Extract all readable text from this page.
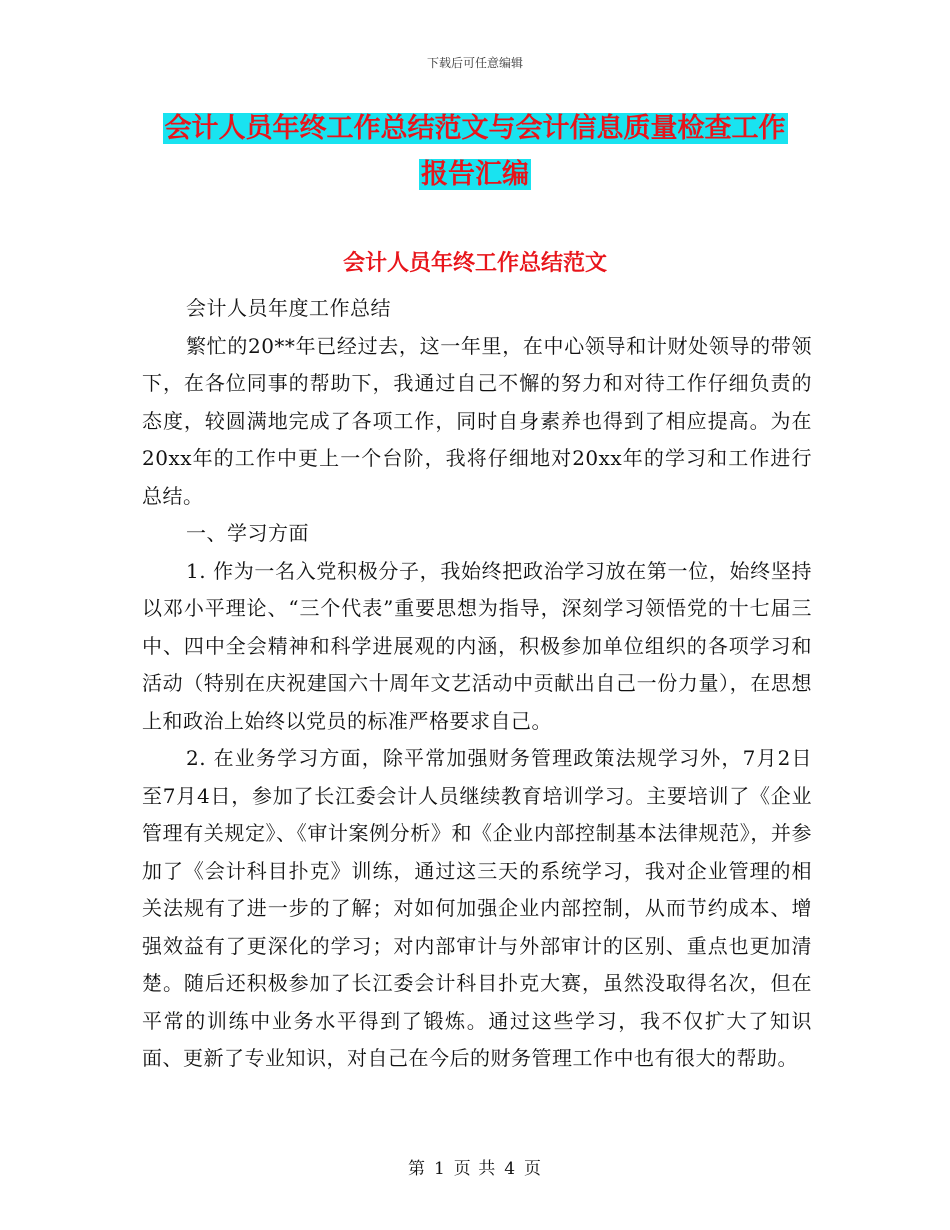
下载后可任意编辑
会计人员年终工作总结范文与会计信息质量检查工作
报告汇编
会计人员年终工作总结范文

会计人员年度工作总结

繁忙的20**年已经过去，这一年里，在中心领导和计财处领导的带领下，在各位同事的帮助下，我通过自己不懈的努力和对待工作仔细负责的态度，较圆满地完成了各项工作，同时自身素养也得到了相应提高。为在20xx年的工作中更上一个台阶，我将仔细地对20xx年的学习和工作进行总结。

一、学习方面

1. 作为一名入党积极分子，我始终把政治学习放在第一位，始终坚持以邓小平理论、“三个代表”重要思想为指导，深刻学习领悟党的十七届三中、四中全会精神和科学进展观的内涵，积极参加单位组织的各项学习和活动（特别在庆祝建国六十周年文艺活动中贡献出自己一份力量），在思想上和政治上始终以党员的标准严格要求自己。

2. 在业务学习方面，除平常加强财务管理政策法规学习外，7月2日至7月4日，参加了长江委会计人员继续教育培训学习。主要培训了《企业管理有关规定》、《审计案例分析》和《企业内部控制基本法律规范》，并参加了《会计科目扑克》训练，通过这三天的系统学习，我对企业管理的相关法规有了进一步的了解；对如何加强企业内部控制，从而节约成本、增强效益有了更深化的学习；对内部审计与外部审计的区别、重点也更加清楚。随后还积极参加了长江委会计科目扑克大赛，虽然没取得名次，但在平常的训练中业务水平得到了锻炼。通过这些学习，我不仅扩大了知识面、更新了专业知识，对自己在今后的财务管理工作中也有很大的帮助。

第 1 页 共 4 页
